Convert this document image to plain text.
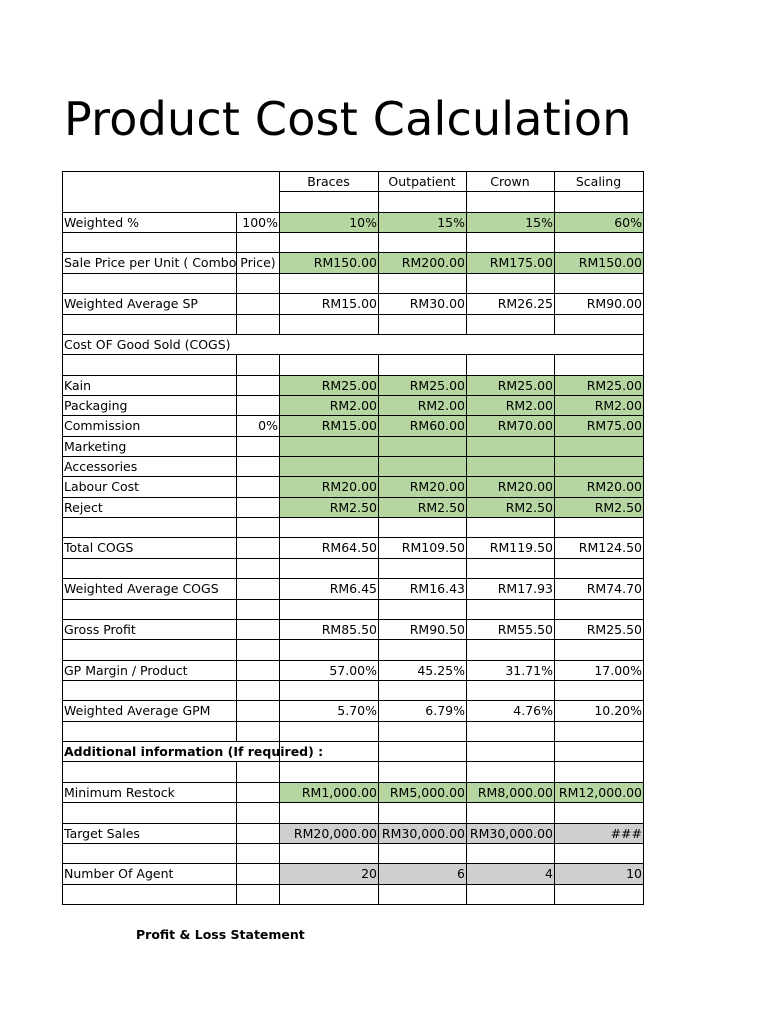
Product Cost Calculation
Braces	Outpatient	Crown	Scaling
Weighted %	100%	10%	15%	15%	60%
Sale Price per Unit ( Combo Price)	RM150.00	RM200.00	RM175.00	RM150.00
Weighted Average SP	RM15.00	RM30.00	RM26.25	RM90.00
Cost OF Good Sold (COGS)
Kain	RM25.00	RM25.00	RM25.00	RM25.00
Packaging	RM2.00	RM2.00	RM2.00	RM2.00
Commission	0%	RM15.00	RM60.00	RM70.00	RM75.00
Marketing
Accessories
Labour Cost	RM20.00	RM20.00	RM20.00	RM20.00
Reject	RM2.50	RM2.50	RM2.50	RM2.50
Total COGS	RM64.50	RM109.50	RM119.50	RM124.50
Weighted Average COGS	RM6.45	RM16.43	RM17.93	RM74.70
Gross Profit	RM85.50	RM90.50	RM55.50	RM25.50
GP Margin / Product	57.00%	45.25%	31.71%	17.00%
Weighted Average GPM	5.70%	6.79%	4.76%	10.20%
Additional information (If required) :
Minimum Restock	RM1,000.00	RM5,000.00	RM8,000.00 RM12,000.00
Target Sales	RM20,000.00 RM30,000.00 RM30,000.00	###
Number Of Agent	20	6	4	10
Profit & Loss Statement
